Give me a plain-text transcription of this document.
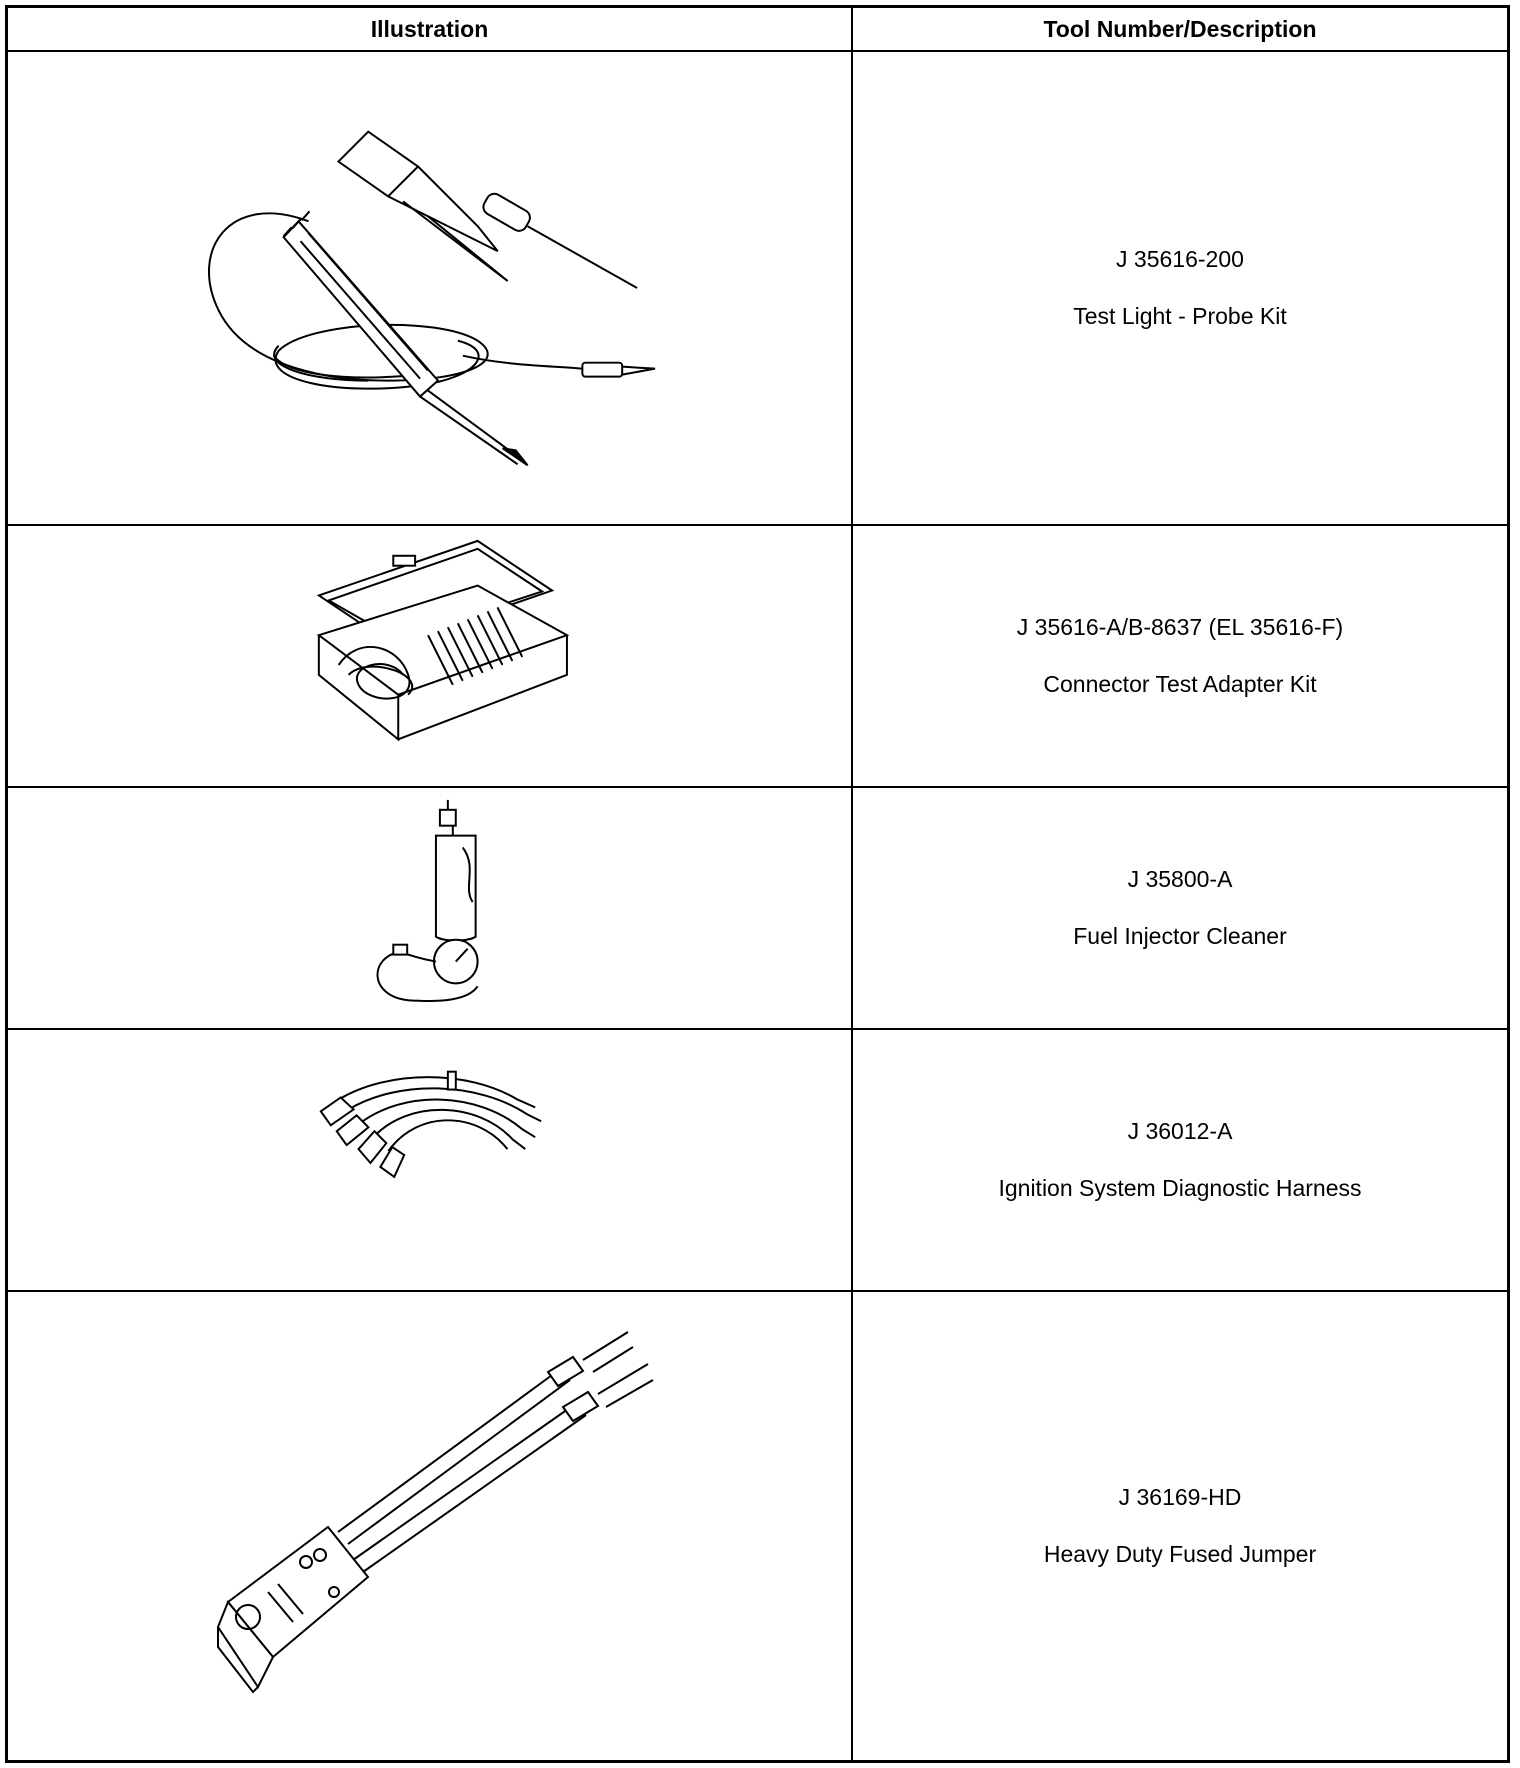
Illustration	Tool Number/Description
J 35616-200
Test Light - Probe Kit
J 35616-A/B-8637 (EL 35616-F)
Connector Test Adapter Kit
J 35800-A
Fuel Injector Cleaner
J 36012-A
Ignition System Diagnostic Harness
J 36169-HD
Heavy Duty Fused Jumper
